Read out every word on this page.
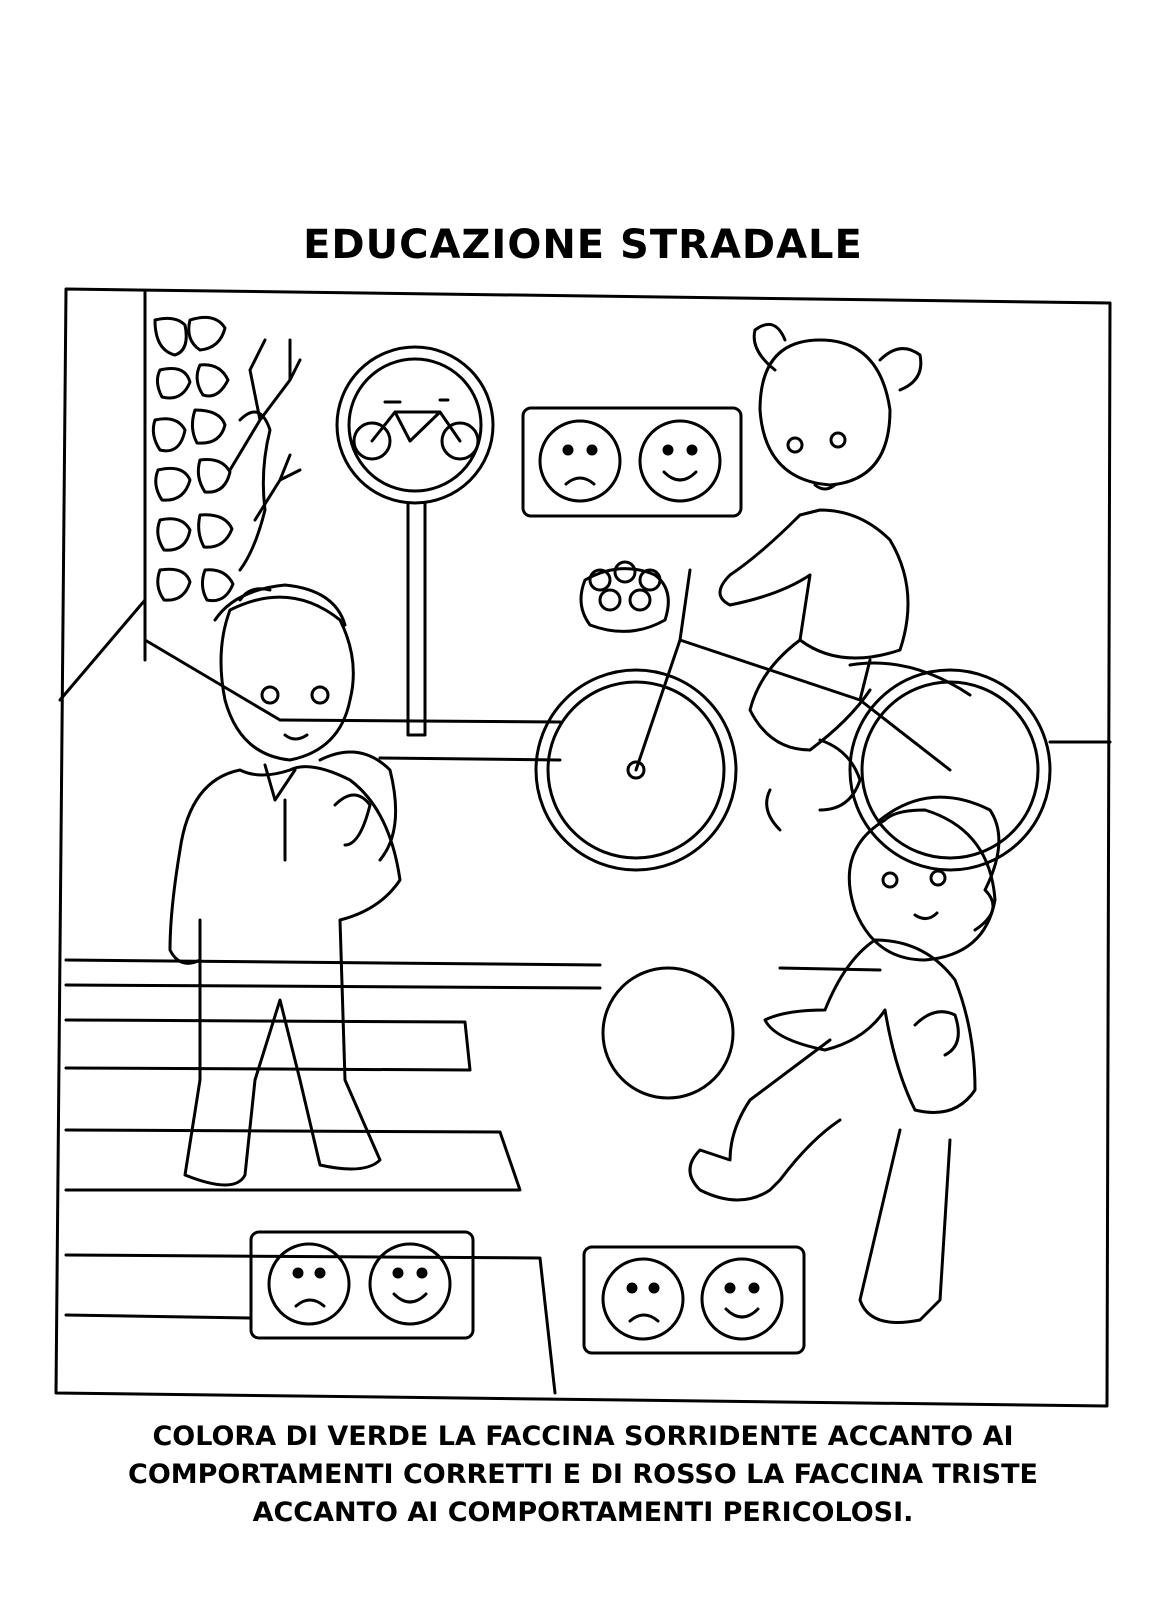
EDUCAZIONE STRADALE
COLORA DI VERDE LA FACCINA SORRIDENTE ACCANTO AI
COMPORTAMENTI CORRETTI E DI ROSSO LA FACCINA TRISTE
ACCANTO AI COMPORTAMENTI PERICOLOSI.
